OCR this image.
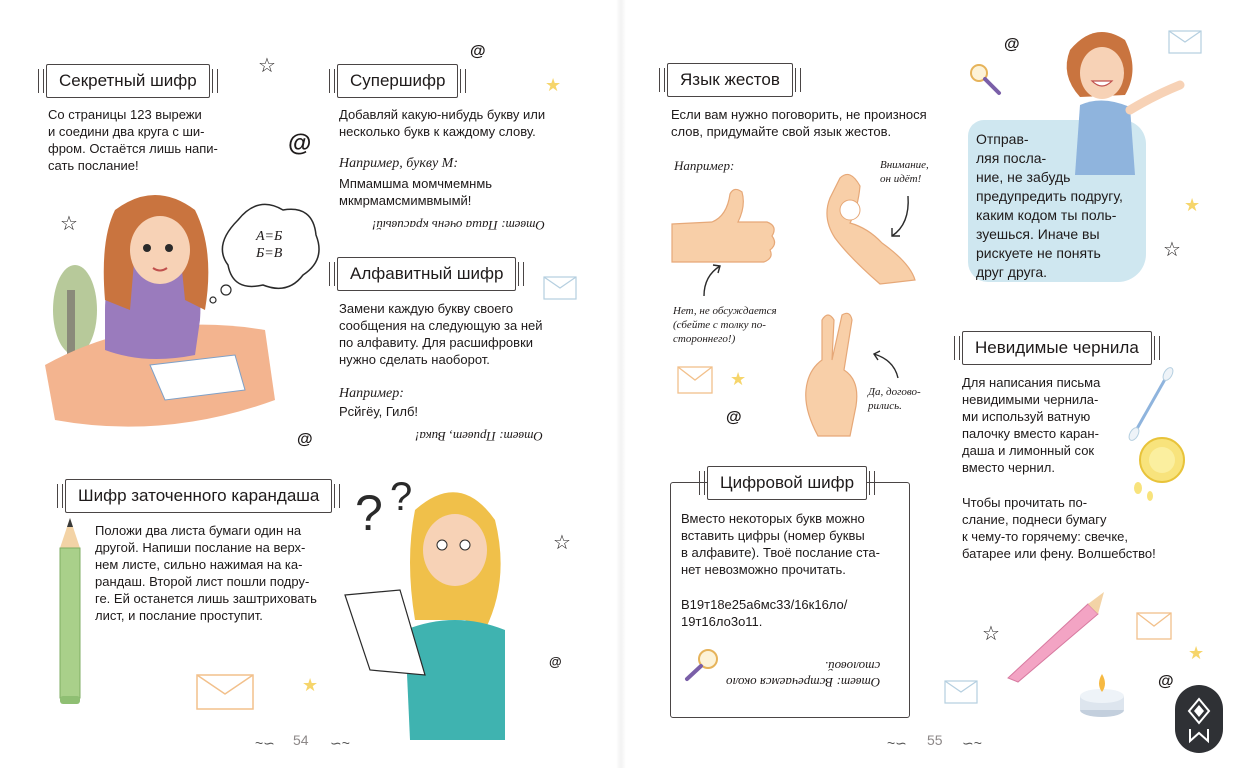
Секретный шифр
Со страницы 123 вырежи
и соедини два круга с ши-
фром. Остаётся лишь напи-
сать послание!
Супершифр
Добавляй какую-нибудь букву или
несколько букв к каждому слову.
Например, букву М:
Мпмамшма момчмемнмь
мкмрмамсмимвмымй!
Ответ: Паша очень красивый!
Алфавитный шифр
Замени каждую букву своего
сообщения на следующую за ней
по алфавиту. Для расшифровки
нужно сделать наоборот.
Например:
Рсйгёу, Гилб!
Ответ: Привет, Вика!
Шифр заточенного карандаша
Положи два листа бумаги один на
другой. Напиши послание на верх-
нем листе, сильно нажимая на ка-
рандаш. Второй лист пошли подру-
ге. Ей останется лишь заштриховать
лист, и послание проступит.
А=Б
Б=В
? ?
☆
☆
☆
★
★
@
@
@
@
~∽ 54 ∽~
Язык жестов
Если вам нужно поговорить, не произнося
слов, придумайте свой язык жестов.
Например:	Внимание,
он идёт!
Нет, не обсуждается
(сбейте с толку по-
стороннего!)
Да, догово-
рились.
Отправ-
ляя посла-
ние, не забудь
предупредить подругу,
каким кодом ты поль-
зуешься. Иначе вы
рискуете не понять
друг друга.
Цифровой шифр
Вместо некоторых букв можно
вставить цифры (номер буквы
в алфавите). Твоё послание ста-
нет невозможно прочитать.
В19т18е25а6мс33/16к16ло/
19т16ло3о11.
Ответ: Встречаемся около
столовой.
Невидимые чернила
Для написания письма
невидимыми чернила-
ми используй ватную
палочку вместо каран-
даша и лимонный сок
вместо чернил.
Чтобы прочитать по-
слание, поднеси бумагу
к чему-то горячему: свечке,
батарее или фену. Волшебство!
☆
☆
★
★
★
@
@
@
~∽ 55 ∽~
